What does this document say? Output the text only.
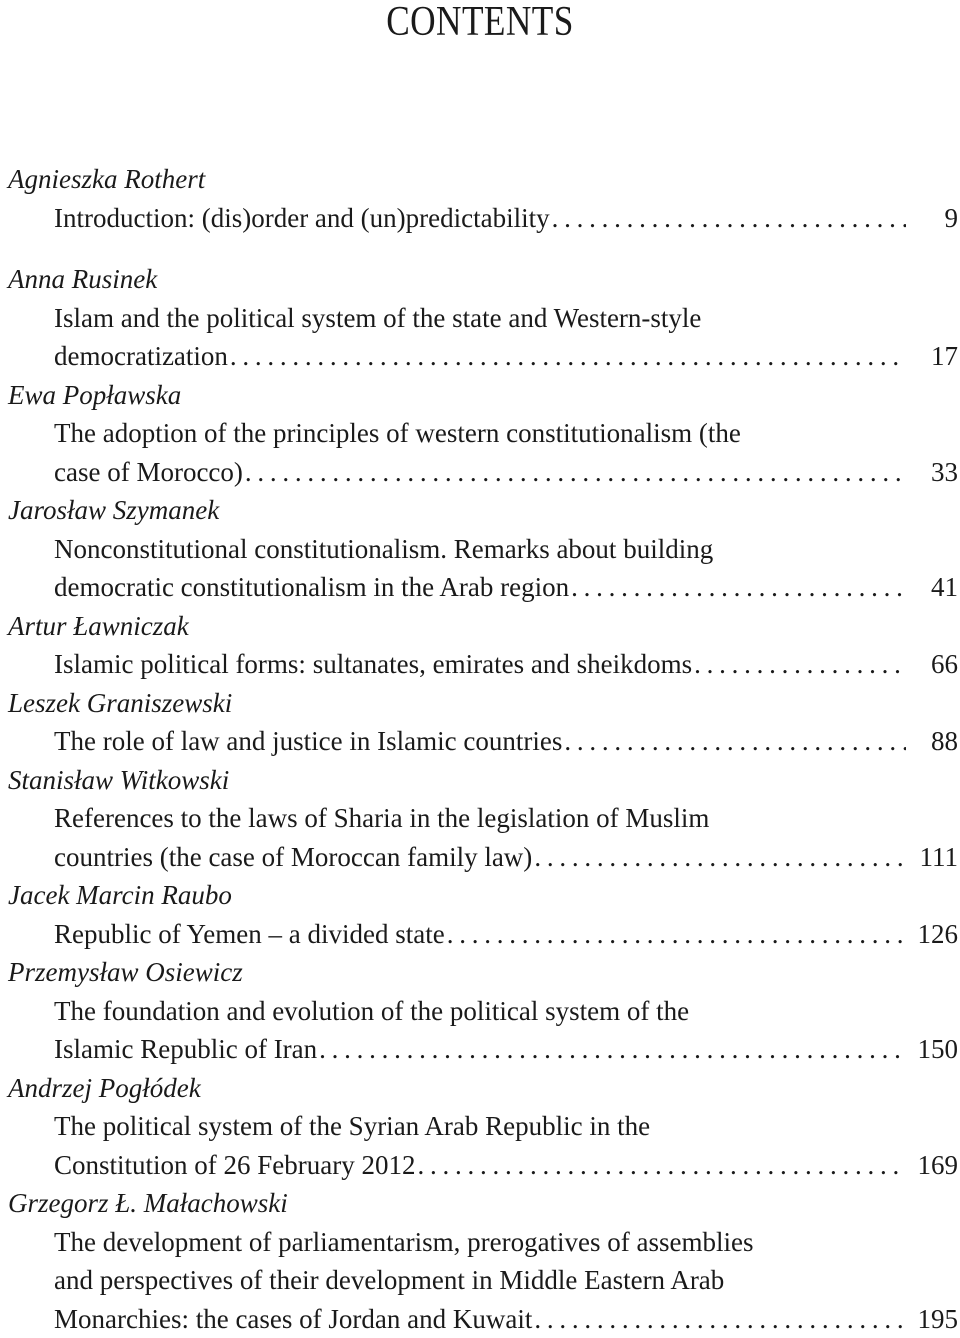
CONTENTS
Agnieszka Rothert
Introduction: (dis)order and (un)predictability . . .	9
Anna Rusinek
Islam and the political system of the state and Western-style
democratization . . .	17
Ewa Popławska
The adoption of the principles of western constitutionalism (the
case of Morocco) . . .	33
Jarosław Szymanek
Nonconstitutional constitutionalism. Remarks about building
democratic constitutionalism in the Arab region . . .	41
Artur Ławniczak
Islamic political forms: sultanates, emirates and sheikdoms . . .	66
Leszek Graniszewski
The role of law and justice in Islamic countries . . .	88
Stanisław Witkowski
References to the laws of Sharia in the legislation of Muslim
countries (the case of Moroccan family law) . . .	111
Jacek Marcin Raubo
Republic of Yemen – a divided state . . .	126
Przemysław Osiewicz
The foundation and evolution of the political system of the
Islamic Republic of Iran . . .	150
Andrzej Pogłódek
The political system of the Syrian Arab Republic in the
Constitution of 26 February 2012 . . .	169
Grzegorz Ł. Małachowski
The development of parliamentarism, prerogatives of assemblies
and perspectives of their development in Middle Eastern Arab
Monarchies: the cases of Jordan and Kuwait . . .	195
